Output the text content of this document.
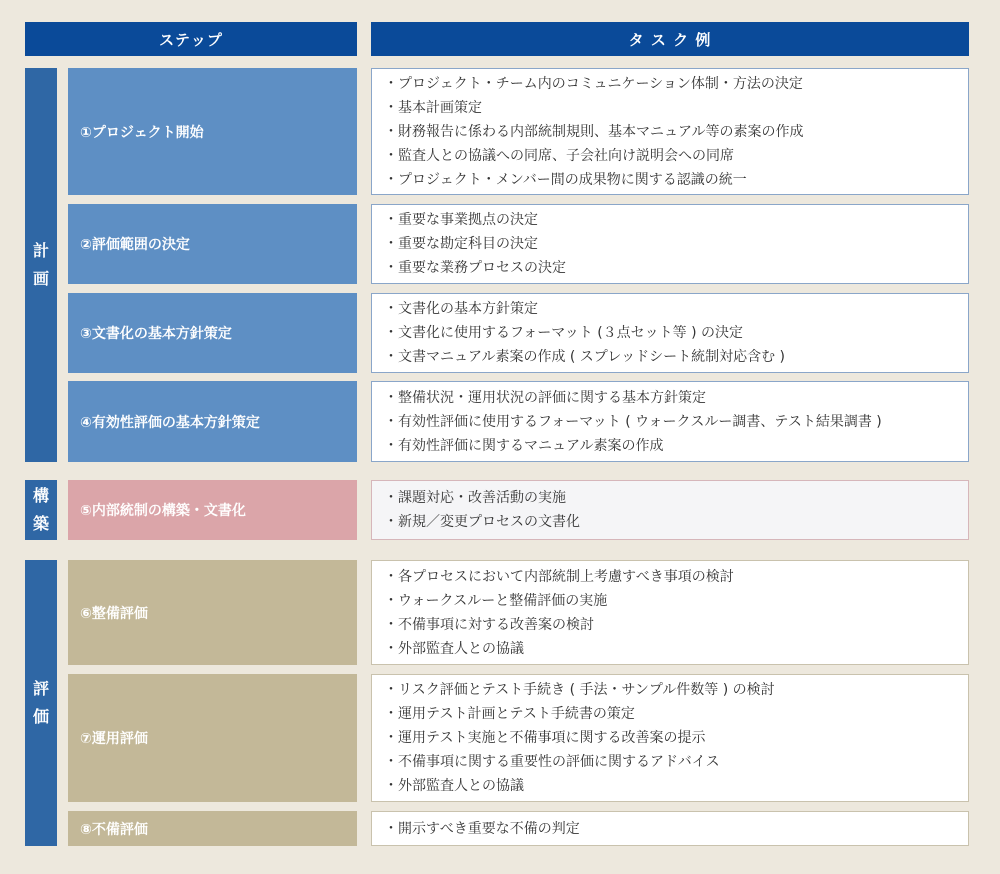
ステップ	タ ス ク 例
計
画
構
築
評
価
①プロジェクト開始
・プロジェクト・チーム内のコミュニケーション体制・方法の決定
・基本計画策定
・財務報告に係わる内部統制規則、基本マニュアル等の素案の作成
・監査人との協議への同席、子会社向け説明会への同席
・プロジェクト・メンバー間の成果物に関する認識の統一
②評価範囲の決定
・重要な事業拠点の決定
・重要な勘定科目の決定
・重要な業務プロセスの決定
③文書化の基本方針策定
・文書化の基本方針策定
・文書化に使用するフォーマット (３点セット等 ) の決定
・文書マニュアル素案の作成 ( スプレッドシート統制対応含む )
④有効性評価の基本方針策定
・整備状況・運用状況の評価に関する基本方針策定
・有効性評価に使用するフォーマット ( ウォークスルー調書、テスト結果調書 )
・有効性評価に関するマニュアル素案の作成
⑤内部統制の構築・文書化
・課題対応・改善活動の実施
・新規／変更プロセスの文書化
⑥整備評価
・各プロセスにおいて内部統制上考慮すべき事項の検討
・ウォークスルーと整備評価の実施
・不備事項に対する改善案の検討
・外部監査人との協議
⑦運用評価
・リスク評価とテスト手続き ( 手法・サンプル件数等 ) の検討
・運用テスト計画とテスト手続書の策定
・運用テスト実施と不備事項に関する改善案の提示
・不備事項に関する重要性の評価に関するアドバイス
・外部監査人との協議
⑧不備評価	・開示すべき重要な不備の判定
